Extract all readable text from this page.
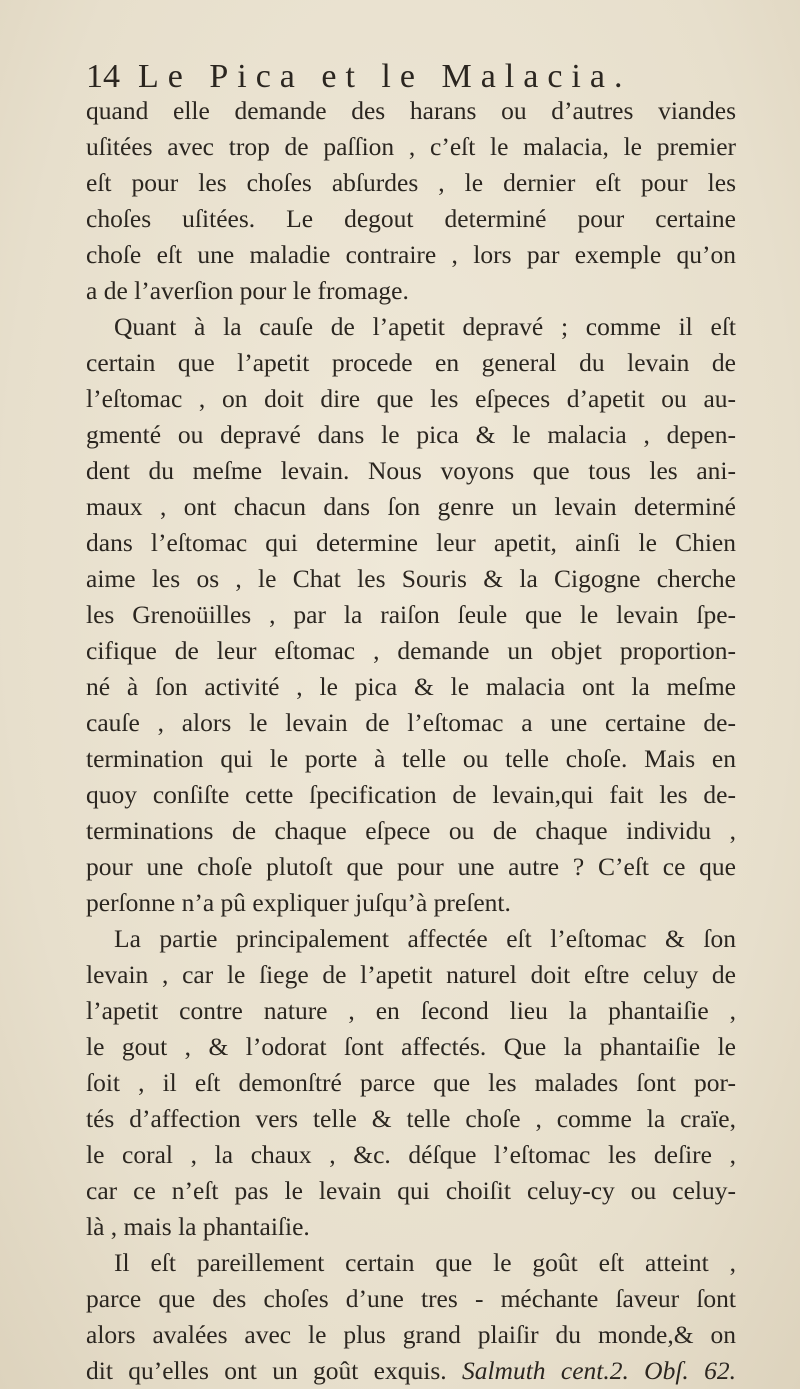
14 Le Pica et le Malacia.
quand elle demande des harans ou d’autres viandes
uſitées avec trop de paſſion , c’eſt le malacia, le premier
eſt pour les choſes abſurdes , le dernier eſt pour les
choſes uſitées. Le degout determiné pour certaine
choſe eſt une maladie contraire , lors par exemple qu’on
a de l’averſion pour le fromage.
Quant à la cauſe de l’apetit depravé ; comme il eſt
certain que l’apetit procede en general du levain de
l’eſtomac , on doit dire que les eſpeces d’apetit ou au-
gmenté ou depravé dans le pica & le malacia , depen-
dent du meſme levain. Nous voyons que tous les ani-
maux , ont chacun dans ſon genre un levain determiné
dans l’eſtomac qui determine leur apetit, ainſi le Chien
aime les os , le Chat les Souris & la Cigogne cherche
les Grenoüilles , par la raiſon ſeule que le levain ſpe-
cifique de leur eſtomac , demande un objet proportion-
né à ſon activité , le pica & le malacia ont la meſme
cauſe , alors le levain de l’eſtomac a une certaine de-
termination qui le porte à telle ou telle choſe. Mais en
quoy conſiſte cette ſpecification de levain,qui fait les de-
terminations de chaque eſpece ou de chaque individu ,
pour une choſe plutoſt que pour une autre ? C’eſt ce que
perſonne n’a pû expliquer juſqu’à preſent.
La partie principalement affectée eſt l’eſtomac & ſon
levain , car le ſiege de l’apetit naturel doit eſtre celuy de
l’apetit contre nature , en ſecond lieu la phantaiſie ,
le gout , & l’odorat ſont affectés. Que la phantaiſie le
ſoit , il eſt demonſtré parce que les malades ſont por-
tés d’affection vers telle & telle choſe , comme la craïe,
le coral , la chaux , &c. déſque l’eſtomac les deſire ,
car ce n’eſt pas le levain qui choiſit celuy-cy ou celuy-
là , mais la phantaiſie.
Il eſt pareillement certain que le goût eſt atteint ,
parce que des choſes d’une tres - méchante ſaveur ſont
alors avalées avec le plus grand plaiſir du monde,& on
dit qu’elles ont un goût exquis. Salmuth cent.2. Obſ. 62.
